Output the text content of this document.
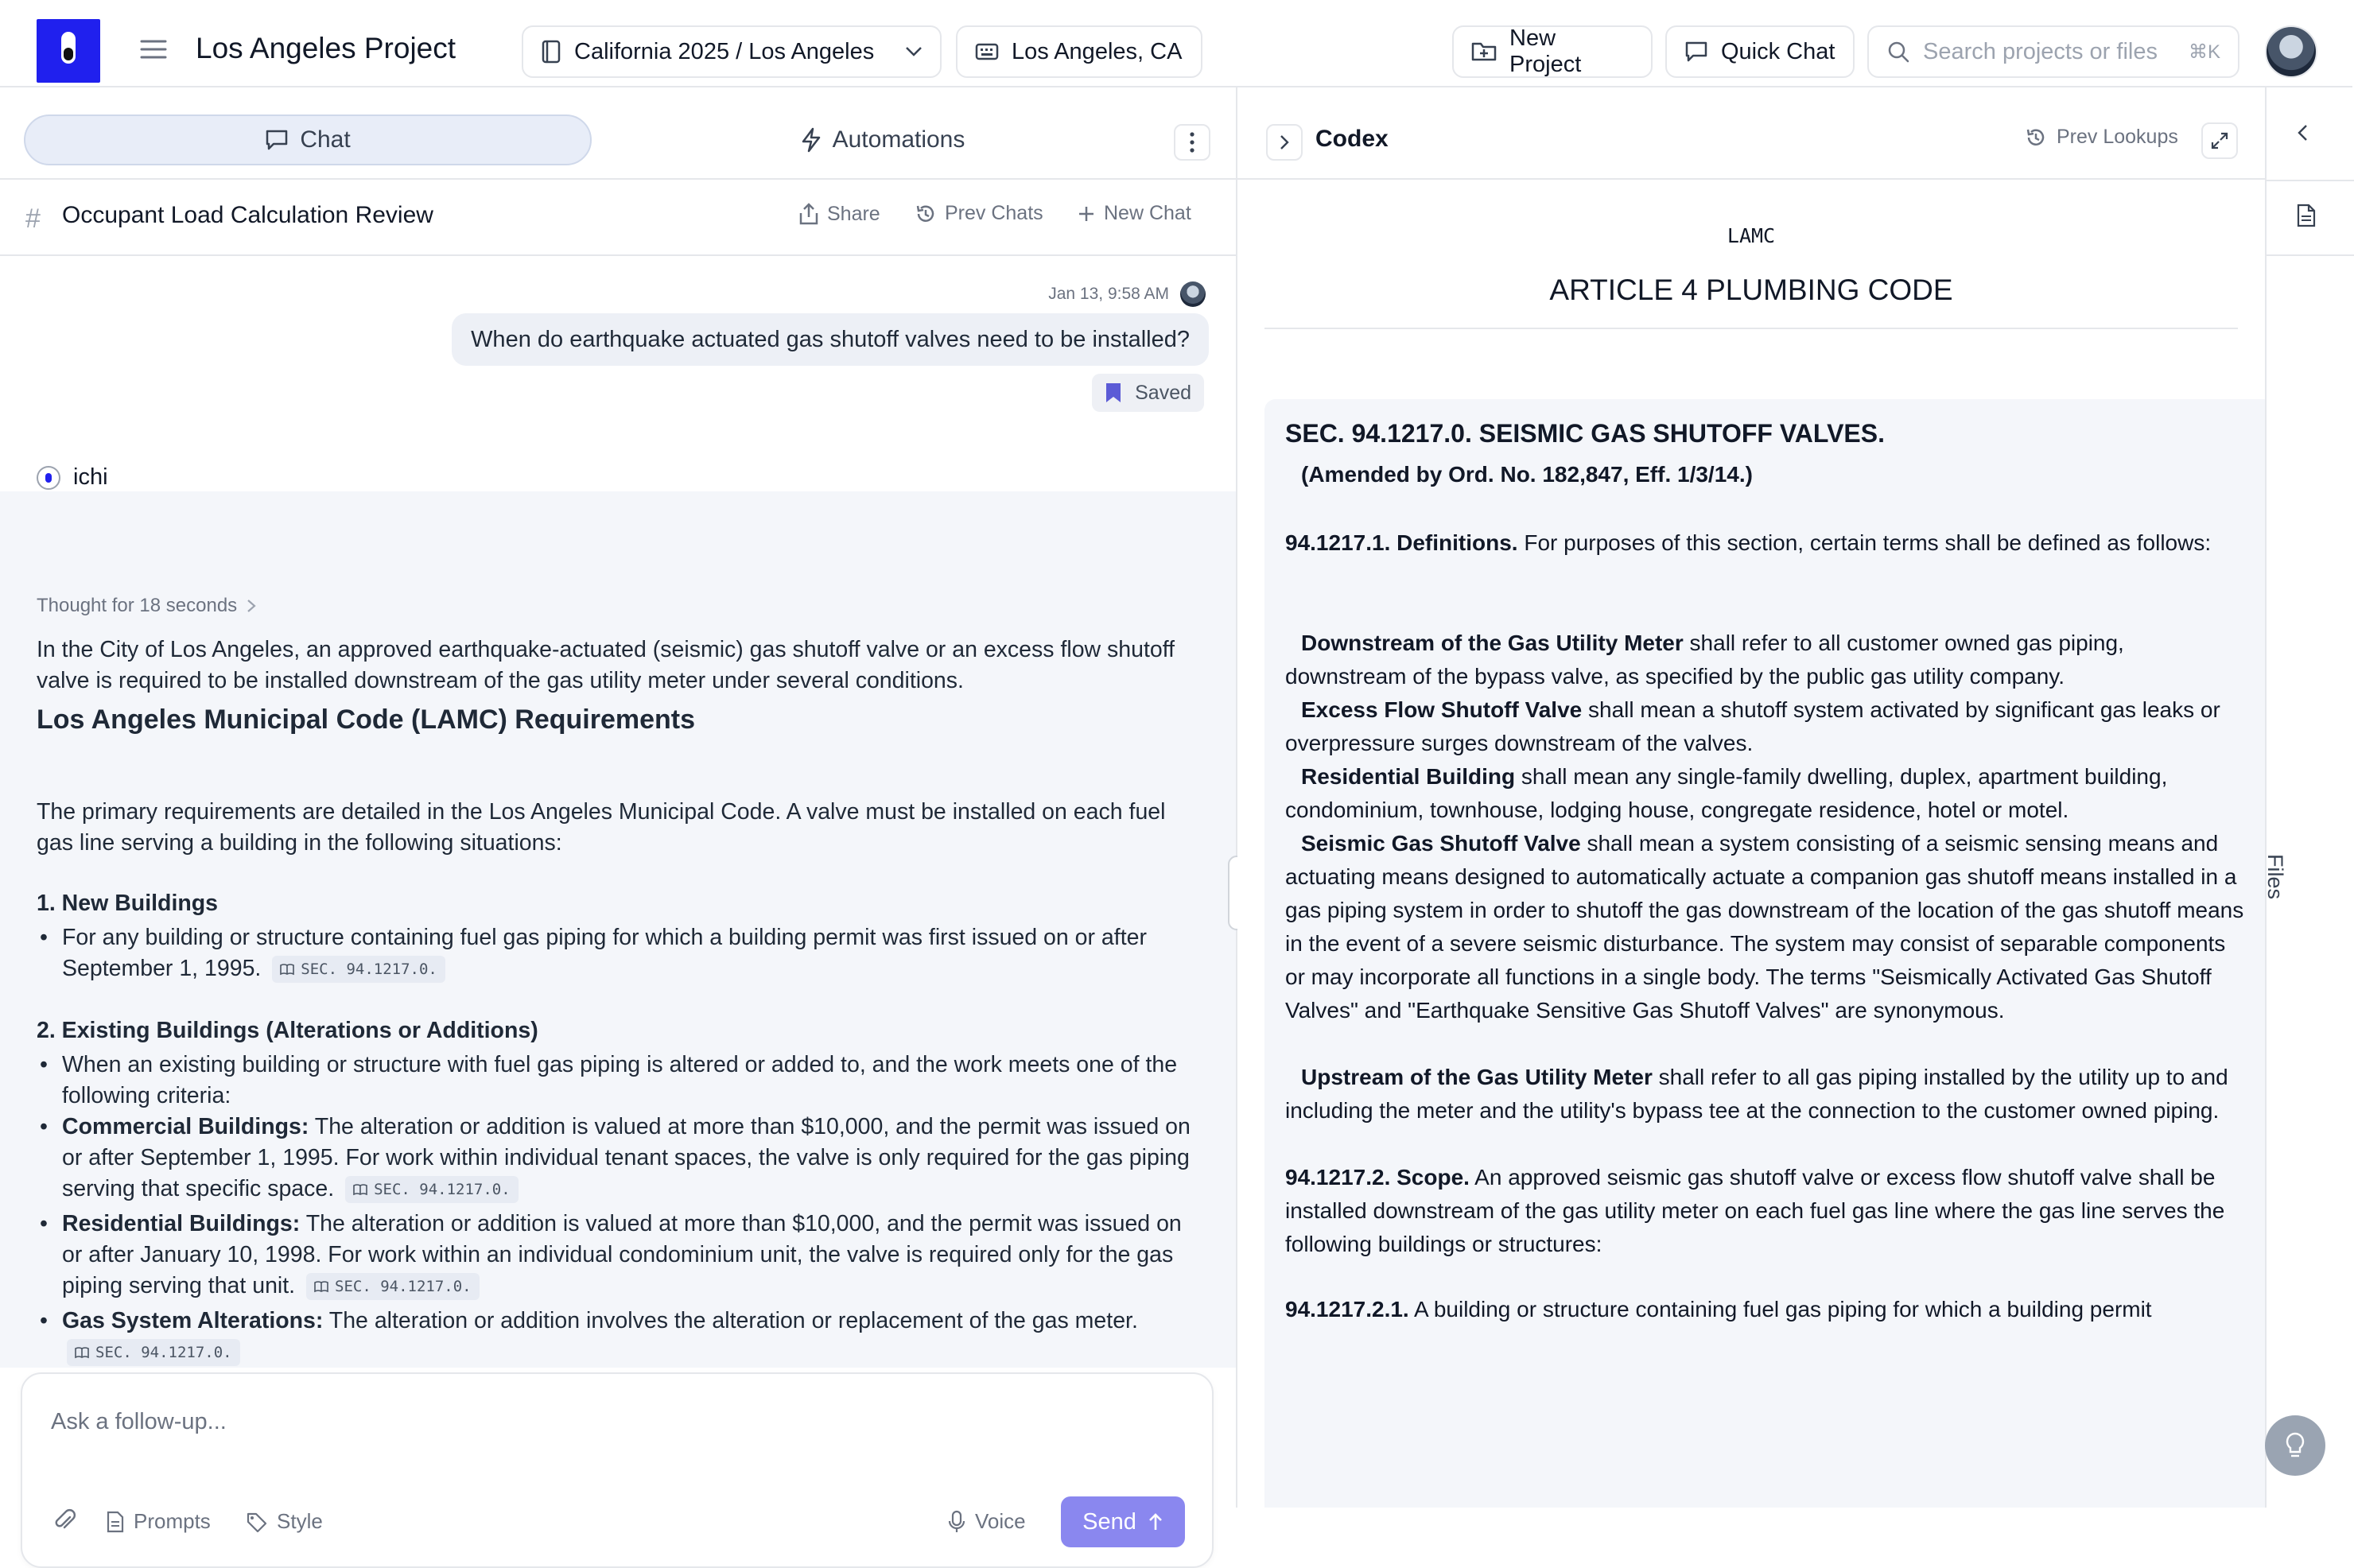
Los Angeles Project	California 2025 / Los Angeles	Los Angeles, CA
New Project
Quick Chat	Search projects or files ⌘K
Chat	Automations
# Occupant Load Calculation Review	Share	Prev Chats	New Chat
Jan 13, 9:58 AM
When do earthquake actuated gas shutoff valves need to be installed?
Saved
ichi
Thought for 18 seconds
In the City of Los Angeles, an approved earthquake-actuated (seismic) gas shutoff valve or an excess flow shutoff valve is required to be installed downstream of the gas utility meter under several conditions.
Los Angeles Municipal Code (LAMC) Requirements
The primary requirements are detailed in the Los Angeles Municipal Code. A valve must be installed on each fuel gas line serving a building in the following situations:
1. New Buildings
• For any building or structure containing fuel gas piping for which a building permit was first issued on or after September 1, 1995.	SEC. 94.1217.0.
2. Existing Buildings (Alterations or Additions)
• When an existing building or structure with fuel gas piping is altered or added to, and the work meets one of the following criteria:
• Commercial Buildings: The alteration or addition is valued at more than $10,000, and the permit was issued on or after September 1, 1995. For work within individual tenant spaces, the valve is only required for the gas piping serving that specific space.	SEC. 94.1217.0.
• Residential Buildings: The alteration or addition is valued at more than $10,000, and the permit was issued on or after January 10, 1998. For work within an individual condominium unit, the valve is required only for the gas piping serving that unit.	SEC. 94.1217.0.
• Gas System Alterations: The alteration or addition involves the alteration or replacement of the gas meter.
SEC. 94.1217.0.
Ask a follow-up...
Prompts	Style	Voice Send
Codex	Prev Lookups
LAMC
ARTICLE 4 PLUMBING CODE
SEC. 94.1217.0. SEISMIC GAS SHUTOFF VALVES.
(Amended by Ord. No. 182,847, Eff. 1/3/14.)
94.1217.1. Definitions. For purposes of this section, certain terms shall be defined as follows:
Downstream of the Gas Utility Meter shall refer to all customer owned gas piping, downstream of the bypass valve, as specified by the public gas utility company.
Excess Flow Shutoff Valve shall mean a shutoff system activated by significant gas leaks or overpressure surges downstream of the valves.
Residential Building shall mean any single-family dwelling, duplex, apartment building, condominium, townhouse, lodging house, congregate residence, hotel or motel.
Seismic Gas Shutoff Valve shall mean a system consisting of a seismic sensing means and actuating means designed to automatically actuate a companion gas shutoff means installed in a gas piping system in order to shutoff the gas downstream of the location of the gas shutoff means in the event of a severe seismic disturbance. The system may consist of separable components or may incorporate all functions in a single body. The terms "Seismically Activated Gas Shutoff Valves" and "Earthquake Sensitive Gas Shutoff Valves" are synonymous.
Upstream of the Gas Utility Meter shall refer to all gas piping installed by the utility up to and including the meter and the utility's bypass tee at the connection to the customer owned piping.
94.1217.2. Scope. An approved seismic gas shutoff valve or excess flow shutoff valve shall be installed downstream of the gas utility meter on each fuel gas line where the gas line serves the following buildings or structures:
94.1217.2.1. A building or structure containing fuel gas piping for which a building permit
Files
